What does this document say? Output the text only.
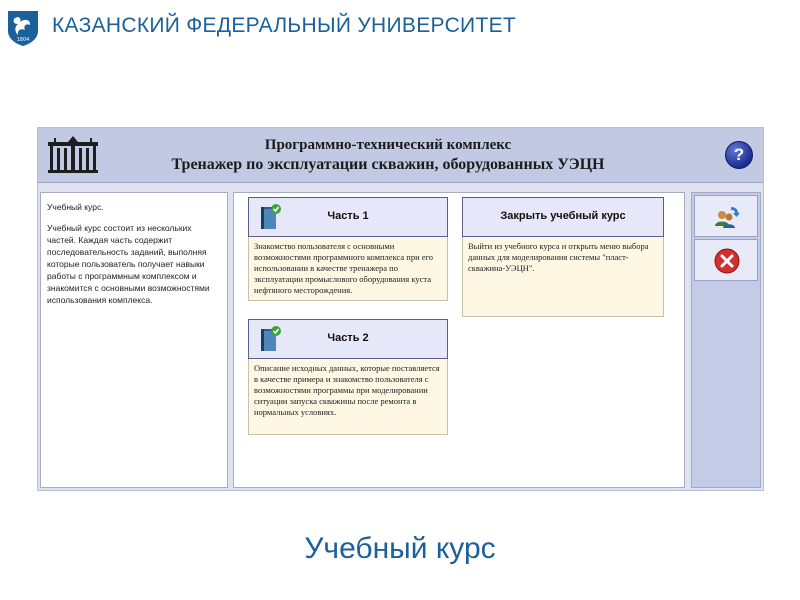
1804
КАЗАНСКИЙ ФЕДЕРАЛЬНЫЙ УНИВЕРСИТЕТ
Программно-технический комплекс
Тренажер по эксплуатации скважин, оборудованных УЭЦН
?

Учебный курс.

Учебный курс состоит из нескольких частей. Каждая часть содержит последовательность заданий, выполняя которые пользователь получает навыки работы с программным комплексом и знакомится с основными возможностями использования комплекса.

Часть 1
Знакомство пользователя с основными возможностями программного комплекса при его использовании в качестве тренажера по эксплуатации промыслового оборудования куста нефтяного месторождения.
Закрыть учебный курс
Выйти из учебного курса и открыть меню выбора данных для моделирования системы "пласт-скважина-УЭЦН".
Часть 2
Описание исходных данных, которые поставляется в качестве примера и знакомство пользователя с возможностями программы при моделировании ситуации запуска скважины после ремонта в нормальных условиях.
Учебный курс
